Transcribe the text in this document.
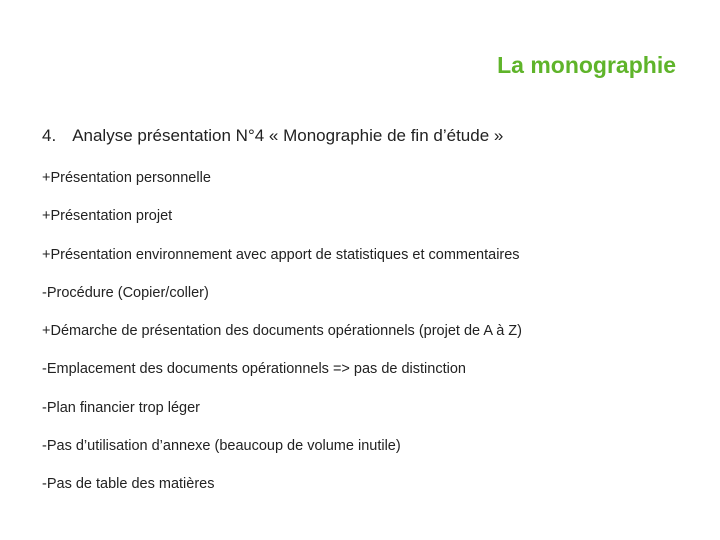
La monographie
4. Analyse présentation N°4 « Monographie de fin d’étude »
+Présentation personnelle
+Présentation projet
+Présentation environnement avec apport de statistiques et commentaires
-Procédure (Copier/coller)
+Démarche de présentation des documents opérationnels (projet de A à Z)
-Emplacement des documents opérationnels => pas de distinction
-Plan financier trop léger
-Pas d’utilisation d’annexe (beaucoup de volume inutile)
-Pas de table des matières
